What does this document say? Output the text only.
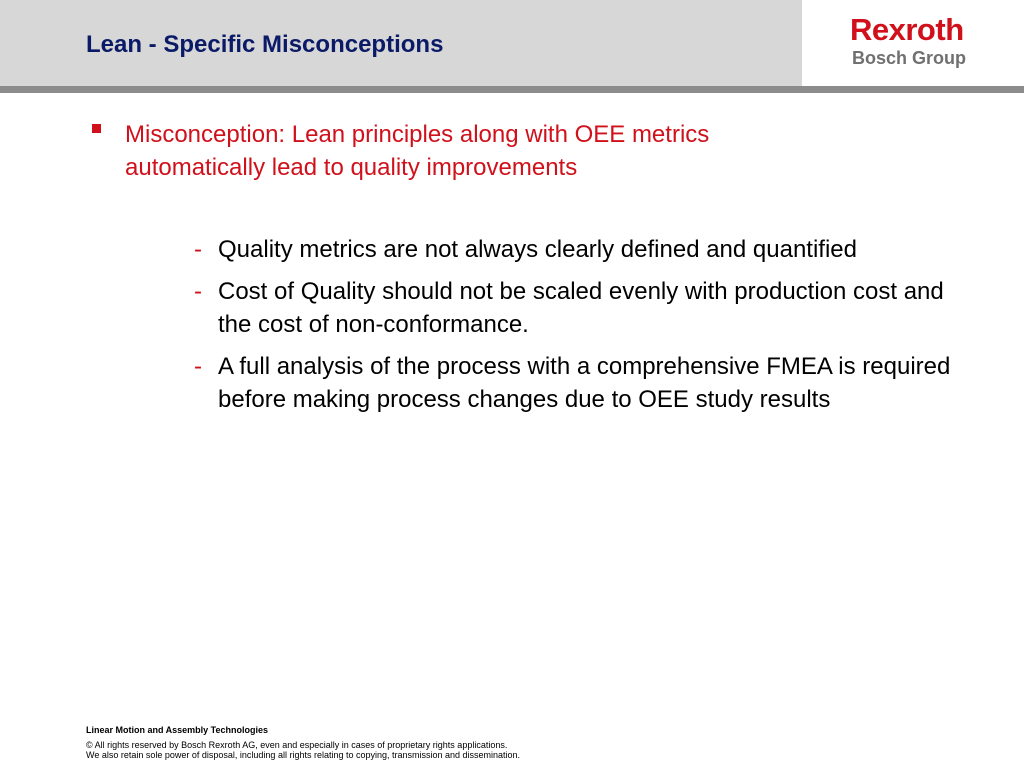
Lean - Specific Misconceptions	Rexroth
Bosch Group
Misconception: Lean principles along with OEE metrics automatically lead to quality improvements
- Quality metrics are not always clearly defined and quantified
- Cost of Quality should not be scaled evenly with production cost and the cost of non-conformance.
- A full analysis of the process with a comprehensive FMEA is required before making process changes due to OEE study results
Linear Motion and Assembly Technologies
© All rights reserved by Bosch Rexroth AG, even and especially in cases of proprietary rights applications.
We also retain sole power of disposal, including all rights relating to copying, transmission and dissemination.
